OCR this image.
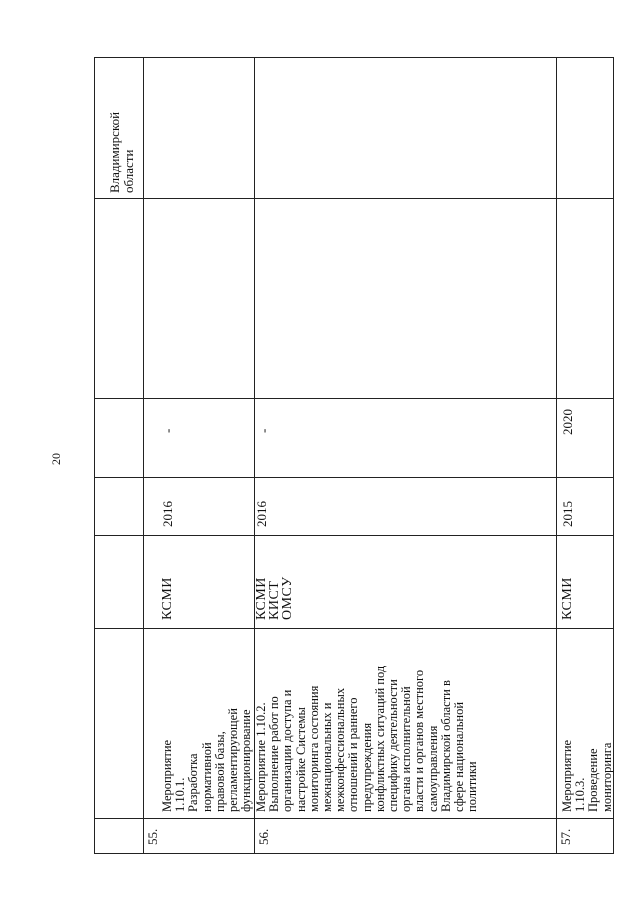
20
Владимирской
области
55.
Мероприятие 1.10.1.
Разработка нормативной
правовой базы,
регламентирующей
функционирование

КСМИ
2016
-
56.
Мероприятие 1.10.2.
Выполнение работ по
организации доступа и
настройке Системы
мониторинга состояния
межнациональных и
межконфессиональных
отношений и раннего
предупреждения
конфликтных ситуаций под
специфику деятельности
органа исполнительной
власти и органов местного
самоуправления
Владимирской области в
сфере национальной
политики
КСМИ
КИСТ
ОМСУ
2016
-
57.
Мероприятие 1.10.3.
Проведение мониторинга
КСМИ
2015
2020
